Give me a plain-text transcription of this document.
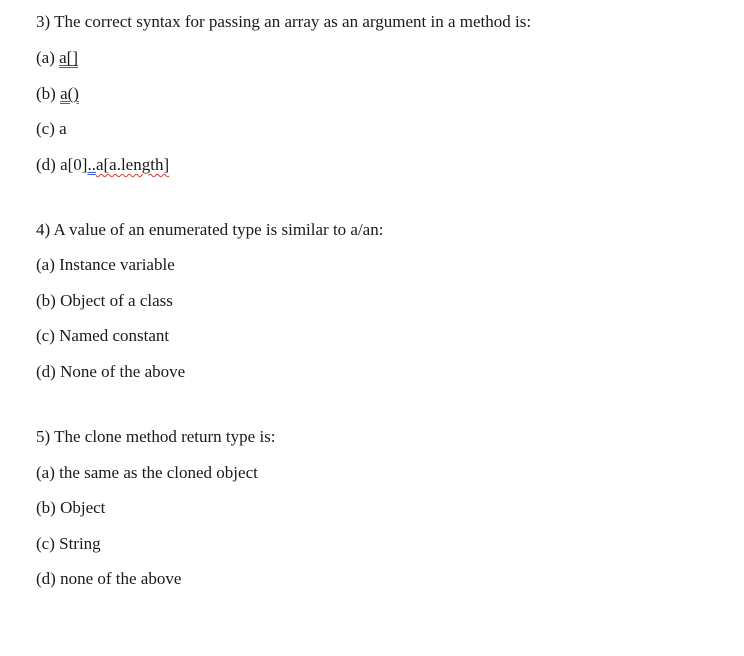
3) The correct syntax for passing an array as an argument in a method is:
(a) a[]
(b) a()
(c) a
(d) a[0]..a[a.length]
4) A value of an enumerated type is similar to a/an:
(a) Instance variable
(b) Object of a class
(c) Named constant
(d) None of the above
5) The clone method return type is:
(a) the same as the cloned object
(b) Object
(c) String
(d) none of the above
